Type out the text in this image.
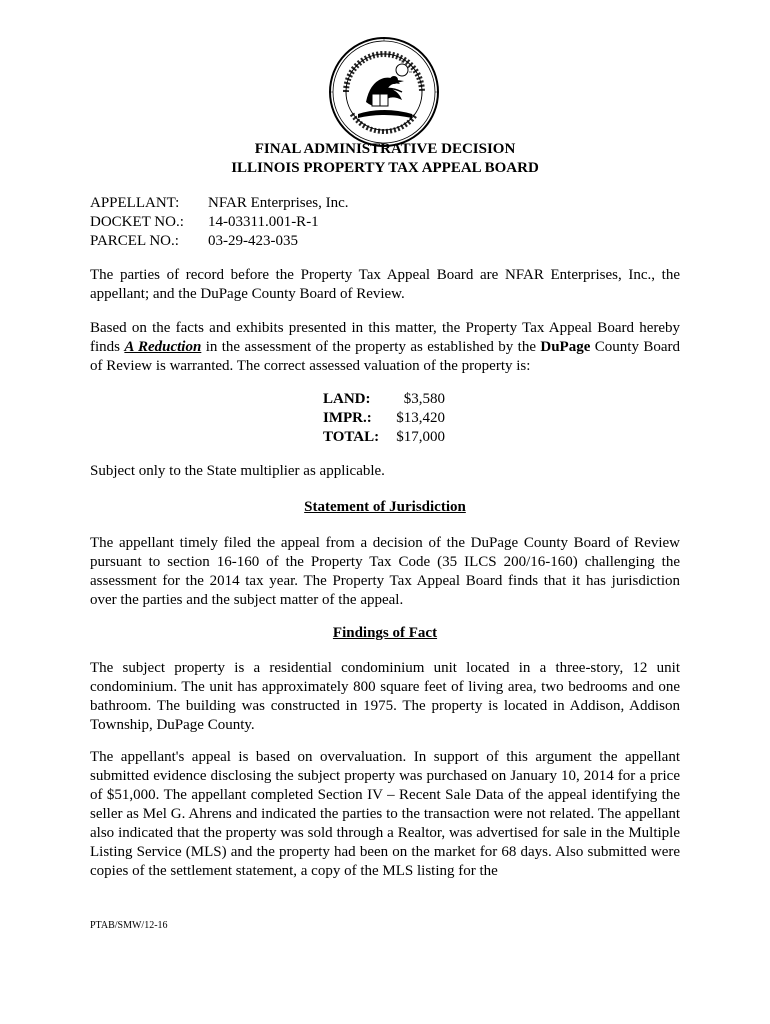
FINAL ADMINISTRATIVE DECISION
ILLINOIS PROPERTY TAX APPEAL BOARD
APPELLANT: NFAR Enterprises, Inc.
DOCKET NO.: 14-03311.001-R-1
PARCEL NO.: 03-29-423-035
The parties of record before the Property Tax Appeal Board are NFAR Enterprises, Inc., the appellant; and the DuPage County Board of Review.
Based on the facts and exhibits presented in this matter, the Property Tax Appeal Board hereby finds A Reduction in the assessment of the property as established by the DuPage County Board of Review is warranted. The correct assessed valuation of the property is:
LAND: $3,580
IMPR.: $13,420
TOTAL: $17,000
Subject only to the State multiplier as applicable.
Statement of Jurisdiction
The appellant timely filed the appeal from a decision of the DuPage County Board of Review pursuant to section 16-160 of the Property Tax Code (35 ILCS 200/16-160) challenging the assessment for the 2014 tax year. The Property Tax Appeal Board finds that it has jurisdiction over the parties and the subject matter of the appeal.
Findings of Fact
The subject property is a residential condominium unit located in a three-story, 12 unit condominium. The unit has approximately 800 square feet of living area, two bedrooms and one bathroom. The building was constructed in 1975. The property is located in Addison, Addison Township, DuPage County.
The appellant's appeal is based on overvaluation. In support of this argument the appellant submitted evidence disclosing the subject property was purchased on January 10, 2014 for a price of $51,000. The appellant completed Section IV – Recent Sale Data of the appeal identifying the seller as Mel G. Ahrens and indicated the parties to the transaction were not related. The appellant also indicated that the property was sold through a Realtor, was advertised for sale in the Multiple Listing Service (MLS) and the property had been on the market for 68 days. Also submitted were copies of the settlement statement, a copy of the MLS listing for the
PTAB/SMW/12-16
